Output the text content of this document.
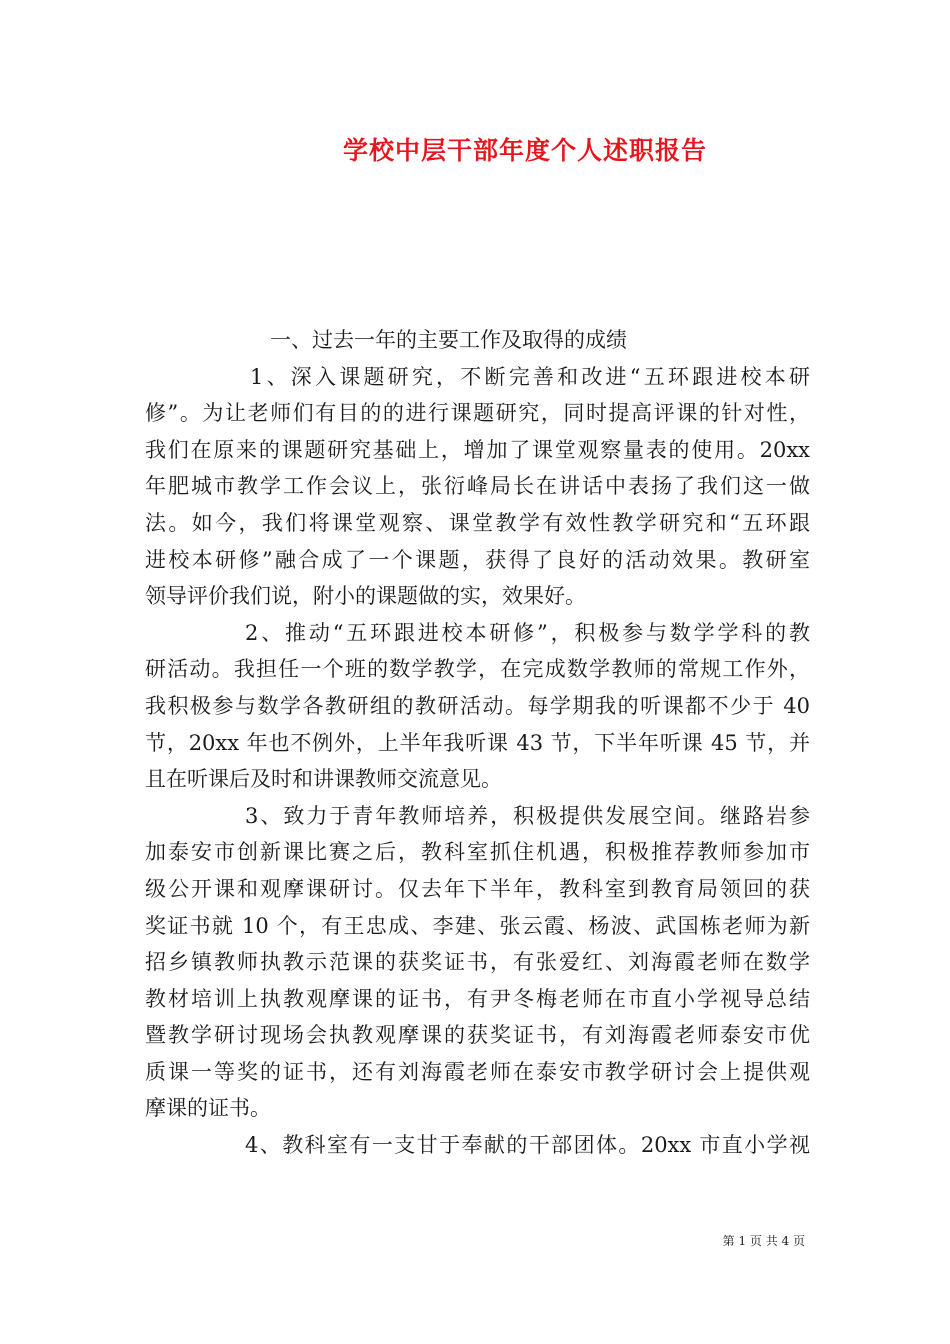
学校中层干部年度个人述职报告
一、过去一年的主要工作及取得的成绩
1、深入课题研究，不断完善和改进“五环跟进校本研
修”。为让老师们有目的的进行课题研究，同时提高评课的针对性，
我们在原来的课题研究基础上，增加了课堂观察量表的使用。20xx
年肥城市教学工作会议上，张衍峰局长在讲话中表扬了我们这一做
法。如今，我们将课堂观察、课堂教学有效性教学研究和“五环跟
进校本研修”融合成了一个课题，获得了良好的活动效果。教研室
领导评价我们说，附小的课题做的实，效果好。
2、推动“五环跟进校本研修”，积极参与数学学科的教
研活动。我担任一个班的数学教学，在完成数学教师的常规工作外，
我积极参与数学各教研组的教研活动。每学期我的听课都不少于 40
节，20xx 年也不例外，上半年我听课 43 节，下半年听课 45 节，并
且在听课后及时和讲课教师交流意见。
3、致力于青年教师培养，积极提供发展空间。继路岩参
加泰安市创新课比赛之后，教科室抓住机遇，积极推荐教师参加市
级公开课和观摩课研讨。仅去年下半年，教科室到教育局领回的获
奖证书就 10 个，有王忠成、李建、张云霞、杨波、武国栋老师为新
招乡镇教师执教示范课的获奖证书，有张爱红、刘海霞老师在数学
教材培训上执教观摩课的证书，有尹冬梅老师在市直小学视导总结
暨教学研讨现场会执教观摩课的获奖证书，有刘海霞老师泰安市优
质课一等奖的证书，还有刘海霞老师在泰安市教学研讨会上提供观
摩课的证书。
4、教科室有一支甘于奉献的干部团体。20xx 市直小学视
第 1 页 共 4 页
